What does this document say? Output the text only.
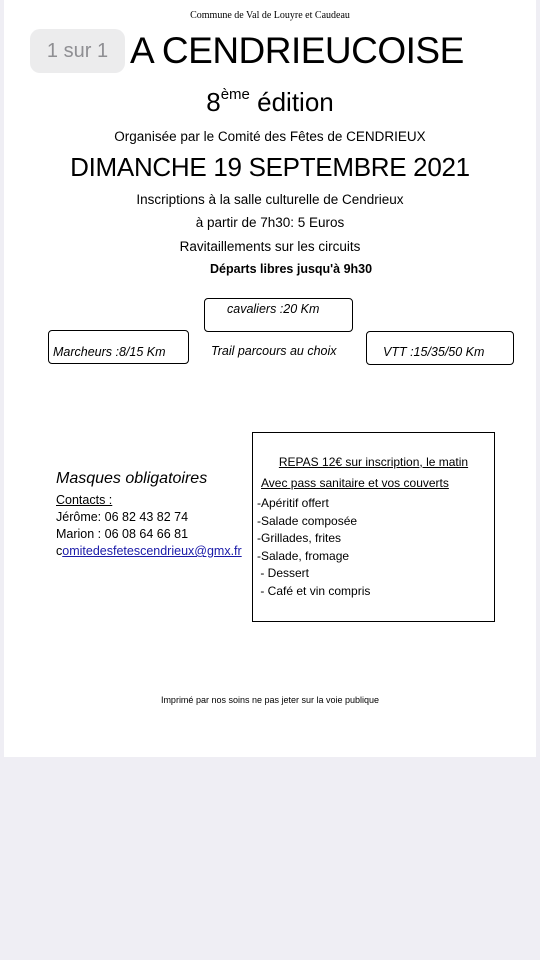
Commune de Val de Louyre et Caudeau
A CENDRIEUCOISE
8ème édition
Organisée par le Comité des Fêtes de CENDRIEUX
DIMANCHE 19 SEPTEMBRE 2021
Inscriptions à la salle culturelle de Cendrieux
à partir de 7h30: 5 Euros
Ravitaillements sur les circuits
Départs libres jusqu'à 9h30
cavaliers :20 Km
Marcheurs :8/15 Km	Trail parcours au choix	VTT :15/35/50 Km
REPAS 12€ sur inscription, le matin
Avec pass sanitaire et vos couverts
-Apéritif offert
-Salade composée
-Grillades, frites
-Salade, fromage
- Dessert
- Café et vin compris
Masques obligatoires
Contacts :
Jérôme: 06 82 43 82 74
Marion : 06 08 64 66 81
comitedesfetescendrieux@gmx.fr
Imprimé par nos soins ne pas jeter sur la voie publique
1 sur 1
